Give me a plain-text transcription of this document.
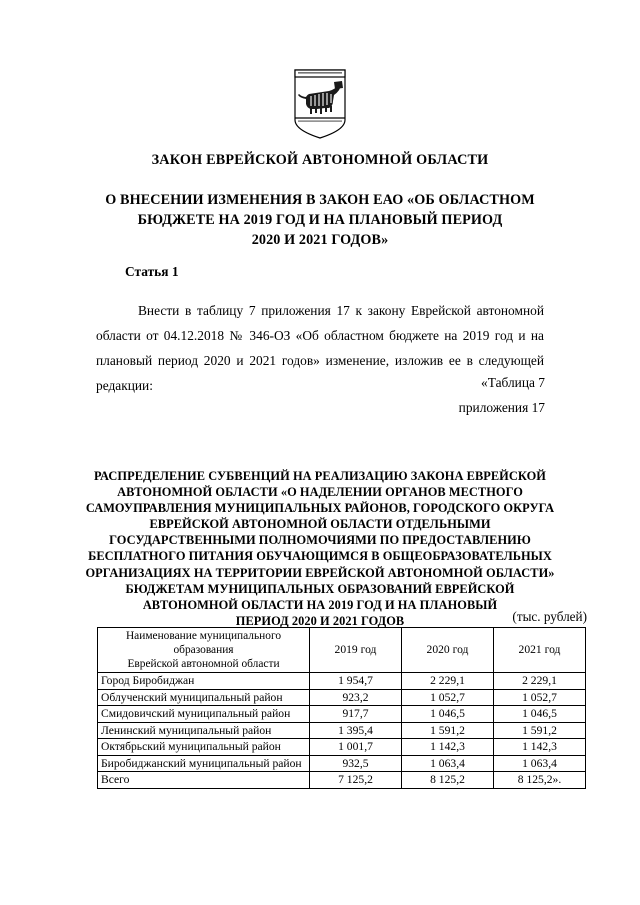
ЗАКОН ЕВРЕЙСКОЙ АВТОНОМНОЙ ОБЛАСТИ
О ВНЕСЕНИИ ИЗМЕНЕНИЯ В ЗАКОН ЕАО «ОБ ОБЛАСТНОМ
БЮДЖЕТЕ НА 2019 ГОД И НА ПЛАНОВЫЙ ПЕРИОД
2020 И 2021 ГОДОВ»
Статья 1
Внести в таблицу 7 приложения 17 к закону Еврейской автономной области от 04.12.2018 № 346-ОЗ «Об областном бюджете на 2019 год и на плановый период 2020 и 2021 годов» изменение, изложив ее в следующей редакции:	«Таблица 7
приложения 17
РАСПРЕДЕЛЕНИЕ СУБВЕНЦИЙ НА РЕАЛИЗАЦИЮ ЗАКОНА ЕВРЕЙСКОЙ
АВТОНОМНОЙ ОБЛАСТИ «О НАДЕЛЕНИИ ОРГАНОВ МЕСТНОГО
САМОУПРАВЛЕНИЯ МУНИЦИПАЛЬНЫХ РАЙОНОВ, ГОРОДСКОГО ОКРУГА
ЕВРЕЙСКОЙ АВТОНОМНОЙ ОБЛАСТИ ОТДЕЛЬНЫМИ
ГОСУДАРСТВЕННЫМИ ПОЛНОМОЧИЯМИ ПО ПРЕДОСТАВЛЕНИЮ
БЕСПЛАТНОГО ПИТАНИЯ ОБУЧАЮЩИМСЯ В ОБЩЕОБРАЗОВАТЕЛЬНЫХ
ОРГАНИЗАЦИЯХ НА ТЕРРИТОРИИ ЕВРЕЙСКОЙ АВТОНОМНОЙ ОБЛАСТИ»
БЮДЖЕТАМ МУНИЦИПАЛЬНЫХ ОБРАЗОВАНИЙ ЕВРЕЙСКОЙ
АВТОНОМНОЙ ОБЛАСТИ НА 2019 ГОД И НА ПЛАНОВЫЙ
ПЕРИОД 2020 И 2021 ГОДОВ	(тыс. рублей)
Наименование муниципального образования
Еврейской автономной области	2019 год	2020 год	2021 год
Город Биробиджан	1 954,7	2 229,1	2 229,1
Облученский муниципальный район	923,2	1 052,7	1 052,7
Смидовичский муниципальный район	917,7	1 046,5	1 046,5
Ленинский муниципальный район	1 395,4	1 591,2	1 591,2
Октябрьский муниципальный район	1 001,7	1 142,3	1 142,3
Биробиджанский муниципальный район	932,5	1 063,4	1 063,4
Всего	7 125,2	8 125,2	8 125,2».
